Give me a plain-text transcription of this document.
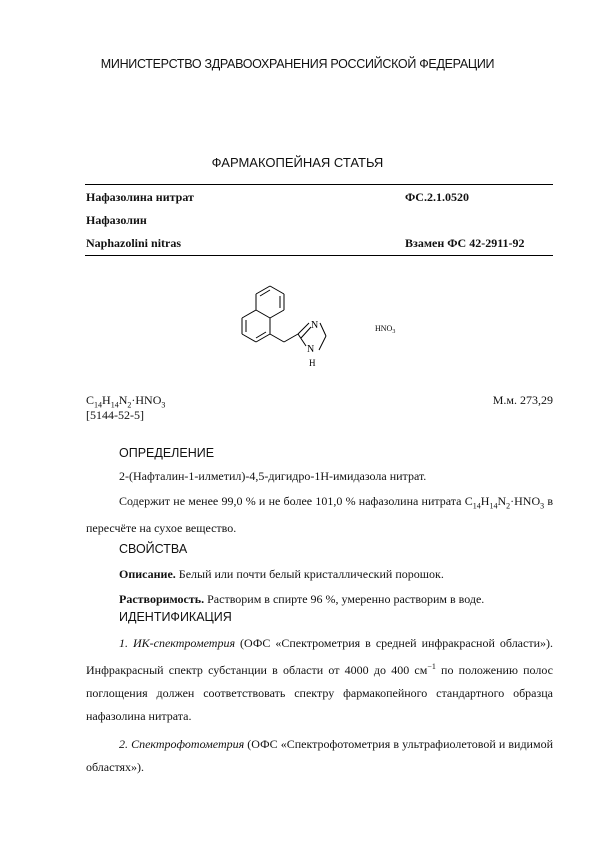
МИНИСТЕРСТВО ЗДРАВООХРАНЕНИЯ РОССИЙСКОЙ ФЕДЕРАЦИИ
ФАРМАКОПЕЙНАЯ СТАТЬЯ
Нафазолина нитрат	ФС.2.1.0520
Нафазолин
Naphazolini nitras	Взамен ФС 42-2911-92
N
N
H
$HNO_3$
$C_{14}H_{14}N_2\cdot HNO_3$
[5144-52-5]
М.м. 273,29
ОПРЕДЕЛЕНИЕ
2-(Нафталин-1-илметил)-4,5-дигидро-1Н-имидазола нитрат.
Содержит не менее 99,0 % и не более 101,0 % нафазолина нитрата $C_{14}H_{14}N_2\cdot HNO_3$ в пересчёте на сухое вещество.
СВОЙСТВА
Описание. Белый или почти белый кристаллический порошок.
Растворимость. Растворим в спирте 96 %, умеренно растворим в воде.
ИДЕНТИФИКАЦИЯ
1. ИК-спектрометрия (ОФС «Спектрометрия в средней инфракрасной области»). Инфракрасный спектр субстанции в области от 4000 до 400 $см^{-1}$ по положению полос поглощения должен соответствовать спектру фармакопейного стандартного образца нафазолина нитрата.
2. Спектрофотометрия (ОФС «Спектрофотометрия в ультрафиолетовой и видимой областях»).
